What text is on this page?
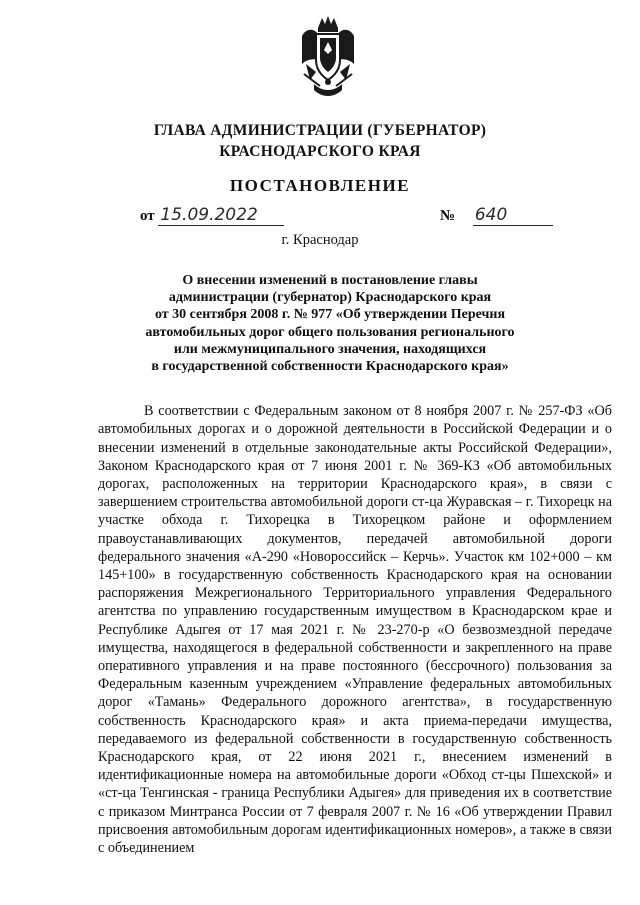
ГЛАВА АДМИНИСТРАЦИИ (ГУБЕРНАТОР)
КРАСНОДАРСКОГО КРАЯ
ПОСТАНОВЛЕНИЕ
от 15.09.2022	№ 640
г. Краснодар
О внесении изменений в постановление главы
администрации (губернатор) Краснодарского края
от 30 сентября 2008 г. № 977 «Об утверждении Перечня
автомобильных дорог общего пользования регионального
или межмуниципального значения, находящихся
в государственной собственности Краснодарского края»

В соответствии с Федеральным законом от 8 ноября 2007 г. № 257-ФЗ «Об автомобильных дорогах и о дорожной деятельности в Российской Федерации и о внесении изменений в отдельные законодательные акты Российской Федерации», Законом Краснодарского края от 7 июня 2001 г. № 369-КЗ «Об автомобильных дорогах, расположенных на территории Краснодарского края», в связи с завершением строительства автомобильной дороги ст-ца Журавская – г. Тихорецк на участке обхода г. Тихорецка в Тихорецком районе и оформлением правоустанавливающих документов, передачей автомобильной дороги федерального значения «А-290 «Новороссийск – Керчь». Участок км 102+000 – км 145+100» в государственную собственность Краснодарского края на основании распоряжения Межрегионального Территориального управления Федерального агентства по управлению государственным имуществом в Краснодарском крае и Республике Адыгея от 17 мая 2021 г. № 23-270-р «О безвозмездной передаче имущества, находящегося в федеральной собственности и закрепленного на праве оперативного управления и на праве постоянного (бессрочного) пользования за Федеральным казенным учреждением «Управление федеральных автомобильных дорог «Тамань» Федерального дорожного агентства», в государственную собственность Краснодарского края» и акта приема-передачи имущества, передаваемого из федеральной собственности в государственную собственность Краснодарского края, от 22 июня 2021 г., внесением изменений в идентификационные номера на автомобильные дороги «Обход ст-цы Пшехской» и «ст-ца Тенгинская - граница Республики Адыгея» для приведения их в соответствие с приказом Минтранса России от 7 февраля 2007 г. № 16 «Об утверждении Правил присвоения автомобильным дорогам идентификационных номеров», а также в связи с объединением
